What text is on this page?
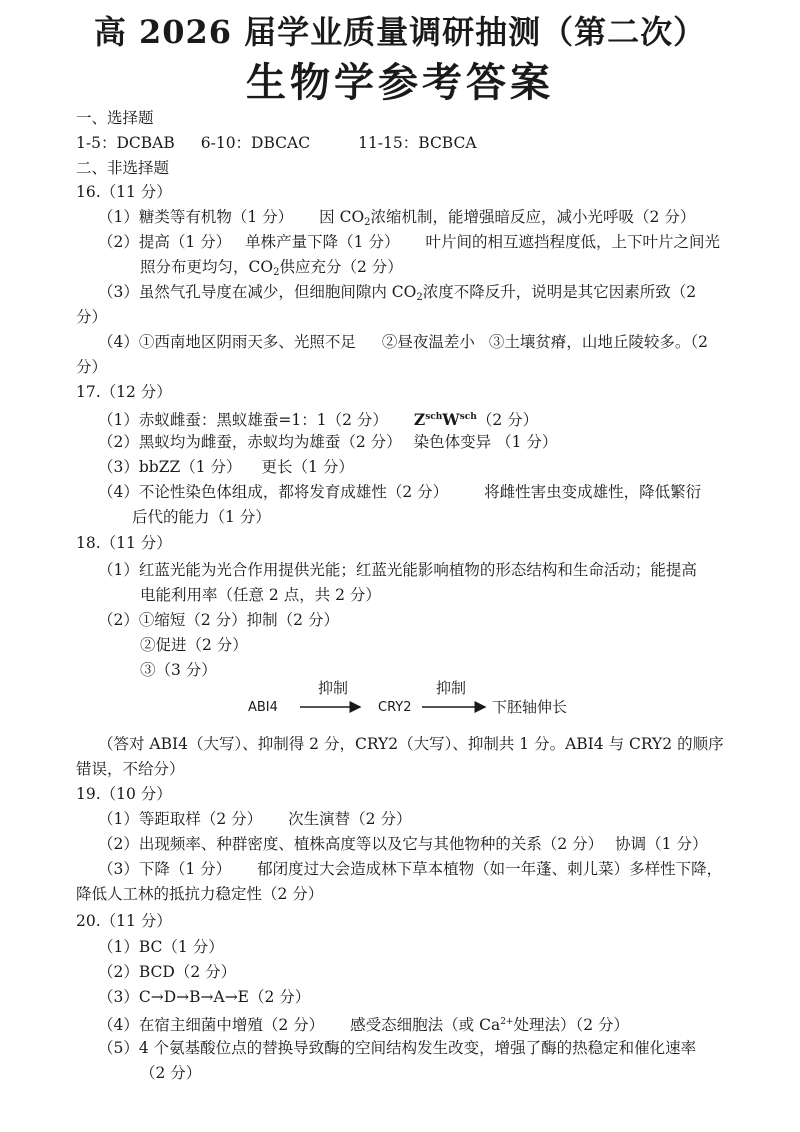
高 2026 届学业质量调研抽测（第二次）
生物学参考答案
一、选择题
1-5：DCBAB 6-10：DBCAC	11-15：BCBCA
二、非选择题
16.（11 分）
（1）糖类等有机物（1 分） 因 $CO_2$浓缩机制，能增强暗反应，减小光呼吸（2 分）
（2）提高（1 分） 单株产量下降（1 分） 叶片间的相互遮挡程度低，上下叶片之间光
照分布更均匀，$CO_2$供应充分（2 分）
（3）虽然气孔导度在减少，但细胞间隙内 $CO_2$浓度不降反升，说明是其它因素所致（2
分）
（4）①西南地区阴雨天多、光照不足 ②昼夜温差小 ③土壤贫瘠，山地丘陵较多。（2
分）
17.（12 分）
（1）赤蚁雌蚕：黑蚁雄蚕=1：1（2 分） $Z^{sch}W^{sch}(2$ 分）
（2）黑蚁均为雌蚕，赤蚁均为雄蚕（2 分） 染色体变异 （1 分）
（3）bbZZ（1 分） 更长（1 分）
（4）不论性染色体组成，都将发育成雄性（2 分） 将雌性害虫变成雄性，降低繁衍
后代的能力（1 分）
18.（11 分）
（1）红蓝光能为光合作用提供光能；红蓝光能影响植物的形态结构和生命活动；能提高
电能利用率（任意 2 点，共 2 分）
（2）①缩短（2 分）抑制（2 分）
②促进（2 分）
③（3 分）
ABI4
抑制
CRY2
抑制
下胚轴伸长
（答对 ABI4（大写）、抑制得 2 分，CRY2（大写）、抑制共 1 分。ABI4 与 CRY2 的顺序
错误，不给分）
19.（10 分）
（1）等距取样（2 分） 次生演替（2 分）
（2）出现频率、种群密度、植株高度等以及它与其他物种的关系（2 分） 协调（1 分）
（3）下降（1 分） 郁闭度过大会造成林下草本植物（如一年蓬、刺儿菜）多样性下降，
降低人工林的抵抗力稳定性（2 分）
20.（11 分）
（1）BC（1 分）
（2）BCD（2 分）
（3）C→D→B→A→E（2 分）
（4）在宿主细菌中增殖（2 分） 感受态细胞法（或 $Ca^{2+}$处理法）（2 分）
（5）4 个氨基酸位点的替换导致酶的空间结构发生改变，增强了酶的热稳定和催化速率
（2 分）
